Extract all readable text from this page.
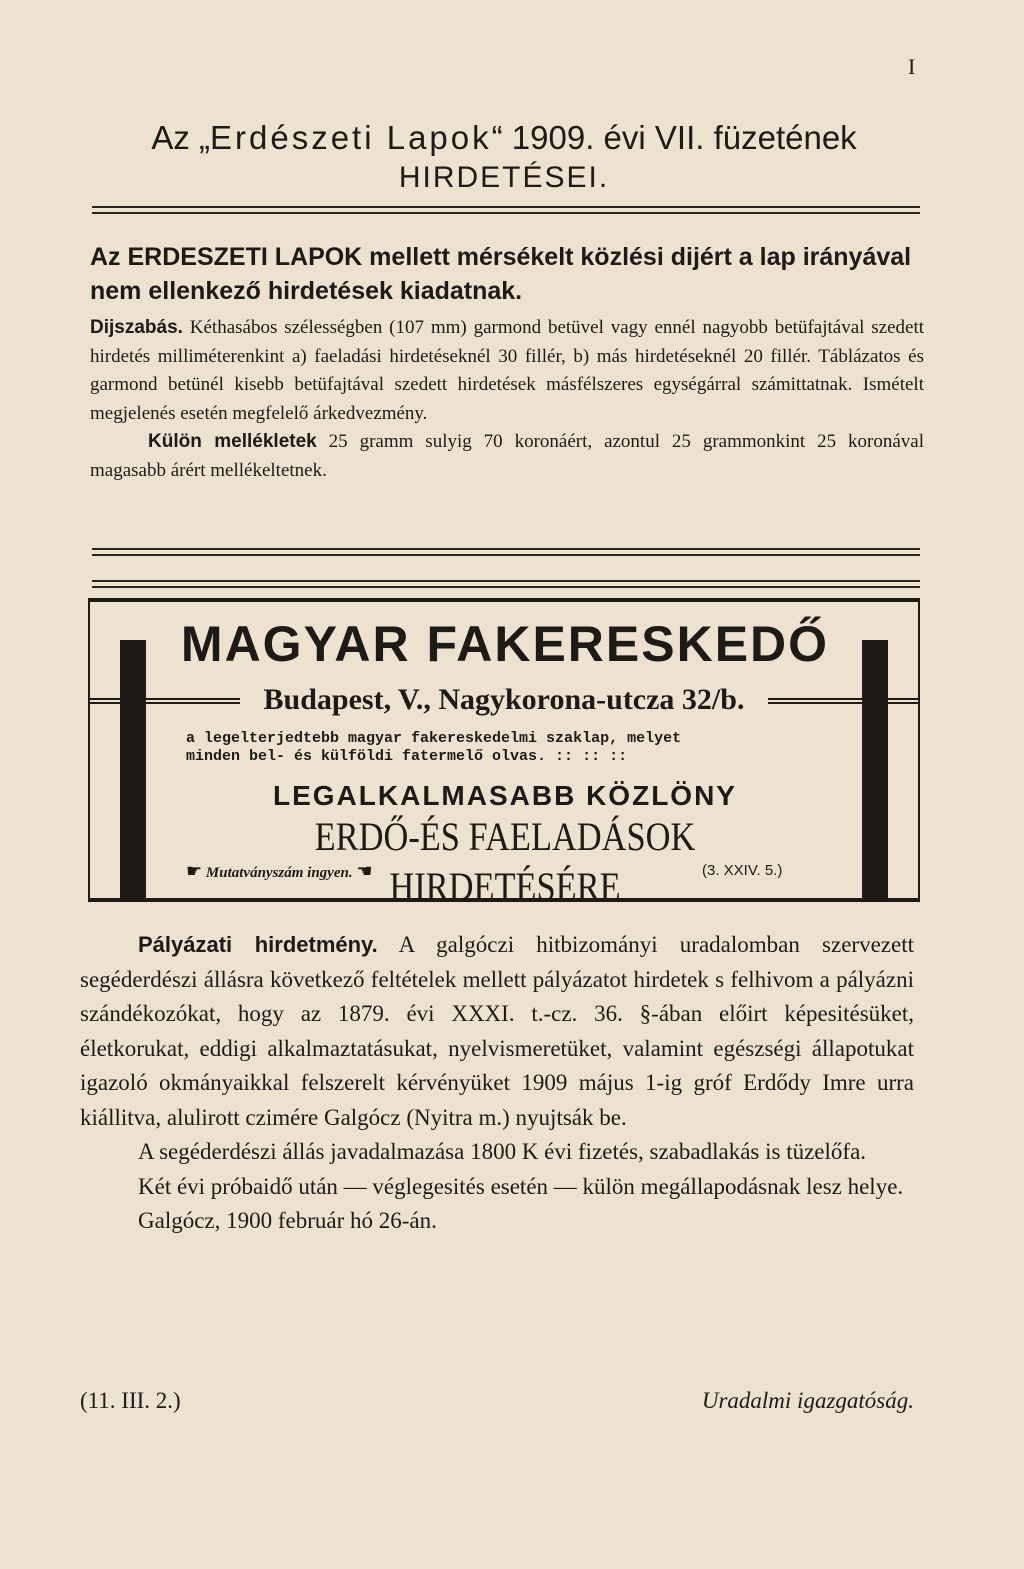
I
Az „Erdészeti Lapok“ 1909. évi VII. füzetének
HIRDETÉSEI.
Az ERDESZETI LAPOK mellett mérsékelt közlési dijért a lap irányával nem ellenkező hirdetések kiadatnak.

Dijszabás. Kéthasábos szélességben (107 mm) garmond betüvel vagy ennél nagyobb betüfajtával szedett hirdetés milliméterenkint a) faeladási hirdetéseknél 30 fillér, b) más hirdetéseknél 20 fillér. Táblázatos és garmond betünél kisebb betüfajtával szedett hirdetések másfélszeres egységárral számittatnak. Ismételt megjelenés esetén megfelelő árkedvezmény.

Külön mellékletek 25 gramm sulyig 70 koronáért, azontul 25 grammonkint 25 koronával magasabb árért mellékeltetnek.

MAGYAR FAKERESKEDŐ
Budapest, V., Nagykorona-utcza 32/b.
a legelterjedtebb magyar fakereskedelmi szaklap, melyet
minden bel- és külföldi fatermelő olvas. :: :: ::
LEGALKALMASABB KÖZLÖNY
ERDŐ-ÉS FAELADÁSOK HIRDETÉSÉRE
☛ Mutatványszám ingyen. ☚	(3. XXIV. 5.)

Pályázati hirdetmény. A galgóczi hitbizományi uradalomban szervezett segéderdészi állásra következő feltételek mellett pályázatot hirdetek s felhivom a pályázni szándékozókat, hogy az 1879. évi XXXI. t.-cz. 36. §-ában előirt képesitésüket, életkorukat, eddigi alkalmaztatásukat, nyelvismeretüket, valamint egészségi állapotukat igazoló okmányaikkal felszerelt kérvényüket 1909 május 1-ig gróf Erdődy Imre urra kiállitva, alulirott czimére Galgócz (Nyitra m.) nyujtsák be.

A segéderdészi állás javadalmazása 1800 K évi fizetés, szabadlakás is tüzelőfa.

Két évi próbaidő után — véglegesités esetén — külön megállapodásnak lesz helye.

Galgócz, 1900 február hó 26-án.

(11. III. 2.)	Uradalmi igazgatóság.
